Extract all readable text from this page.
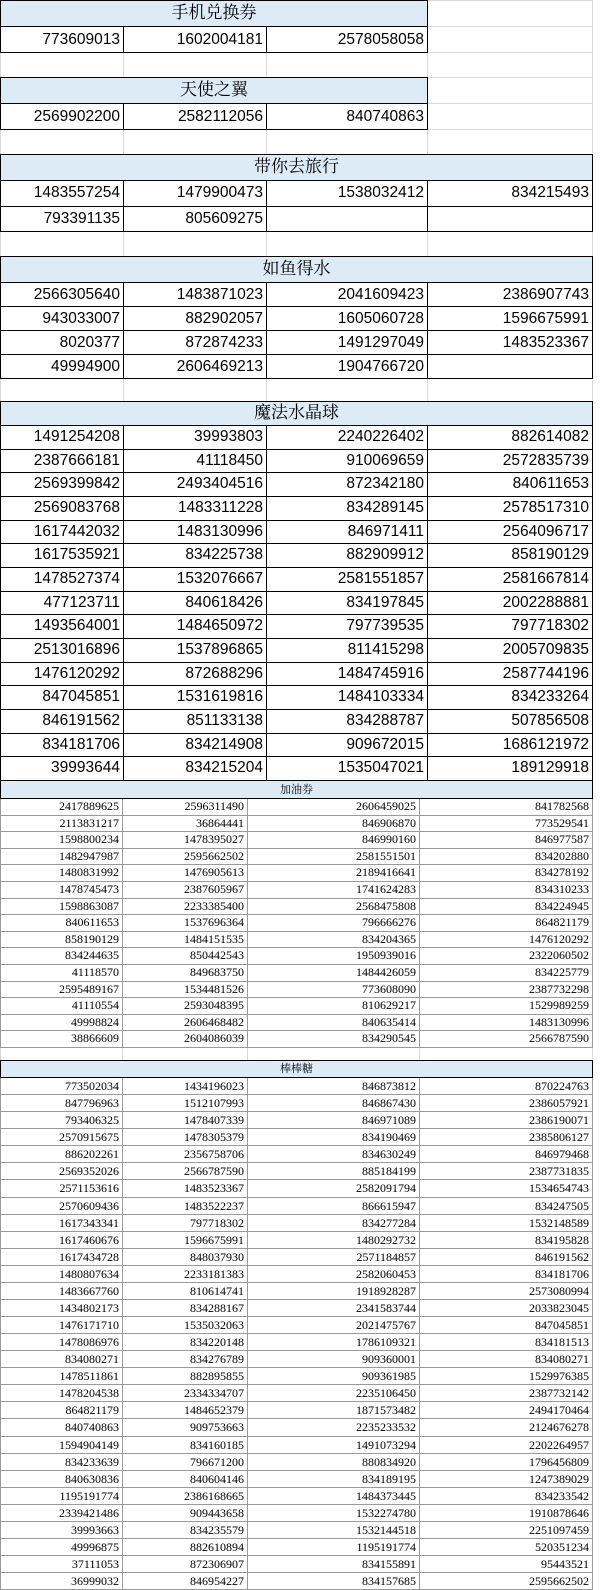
手机兑换券
773609013	1602004181	2578058058
天使之翼
2569902200	2582112056	840740863
带你去旅行
1483557254	1479900473	1538032412	834215493
793391135	805609275
如鱼得水
2566305640	1483871023	2041609423	2386907743
943033007	882902057	1605060728	1596675991
8020377	872874233	1491297049	1483523367
49994900	2606469213	1904766720
魔法水晶球
1491254208	39993803	2240226402	882614082
2387666181	41118450	910069659	2572835739
2569399842	2493404516	872342180	840611653
2569083768	1483311228	834289145	2578517310
1617442032	1483130996	846971411	2564096717
1617535921	834225738	882909912	858190129
1478527374	1532076667	2581551857	2581667814
477123711	840618426	834197845	2002288881
1493564001	1484650972	797739535	797718302
2513016896	1537896865	811415298	2005709835
1476120292	872688296	1484745916	2587744196
847045851	1531619816	1484103334	834233264
846191562	851133138	834288787	507856508
834181706	834214908	909672015	1686121972
39993644	834215204	1535047021	189129918
加油券
2417889625	2596311490	2606459025	841782568
2113831217	36864441	846906870	773529541
1598800234	1478395027	846990160	846977587
1482947987	2595662502	2581551501	834202880
1480831992	1476905613	2189416641	834278192
1478745473	2387605967	1741624283	834310233
1598863087	2233385400	2568475808	834224945
840611653	1537696364	796666276	864821179
858190129	1484151535	834204365	1476120292
834244635	850442543	1950939016	2322060502
41118570	849683750	1484426059	834225779
2595489167	1534481526	773608090	2387732298
41110554	2593048395	810629217	1529989259
49998824	2606468482	840635414	1483130996
38866609	2604086039	834290545	2566787590
棒棒糖
773502034	1434196023	846873812	870224763
847796963	1512107993	846867430	2386057921
793406325	1478407339	846971089	2386190071
2570915675	1478305379	834190469	2385806127
886202261	2356758706	834630249	846979468
2569352026	2566787590	885184199	2387731835
2571153616	1483523367	2582091794	1534654743
2570609436	1483522237	866615947	834247505
1617343341	797718302	834277284	1532148589
1617460676	1596675991	1480292732	834195828
1617434728	848037930	2571184857	846191562
1480807634	2233181383	2582060453	834181706
1483667760	810614741	1918928287	2573080994
1434802173	834288167	2341583744	2033823045
1476171710	1535032063	2021475767	847045851
1478086976	834220148	1786109321	834181513
834080271	834276789	909360001	834080271
1478511861	882895855	909361985	1529976385
1478204538	2334334707	2235106450	2387732142
864821179	1484652379	1871573482	2494170464
840740863	909753663	2235233532	2124676278
1594904149	834160185	1491073294	2202264957
834233639	796671200	880834920	1796456809
840630836	840604146	834189195	1247389029
1195191774	2386168665	1484373445	834233542
2339421486	909443658	1532274780	1910878646
39993663	834235579	1532144518	2251097459
49996875	882610894	1195191774	520351234
37111053	872306907	834155891	95443521
36999032	846954227	834157685	2595662502
